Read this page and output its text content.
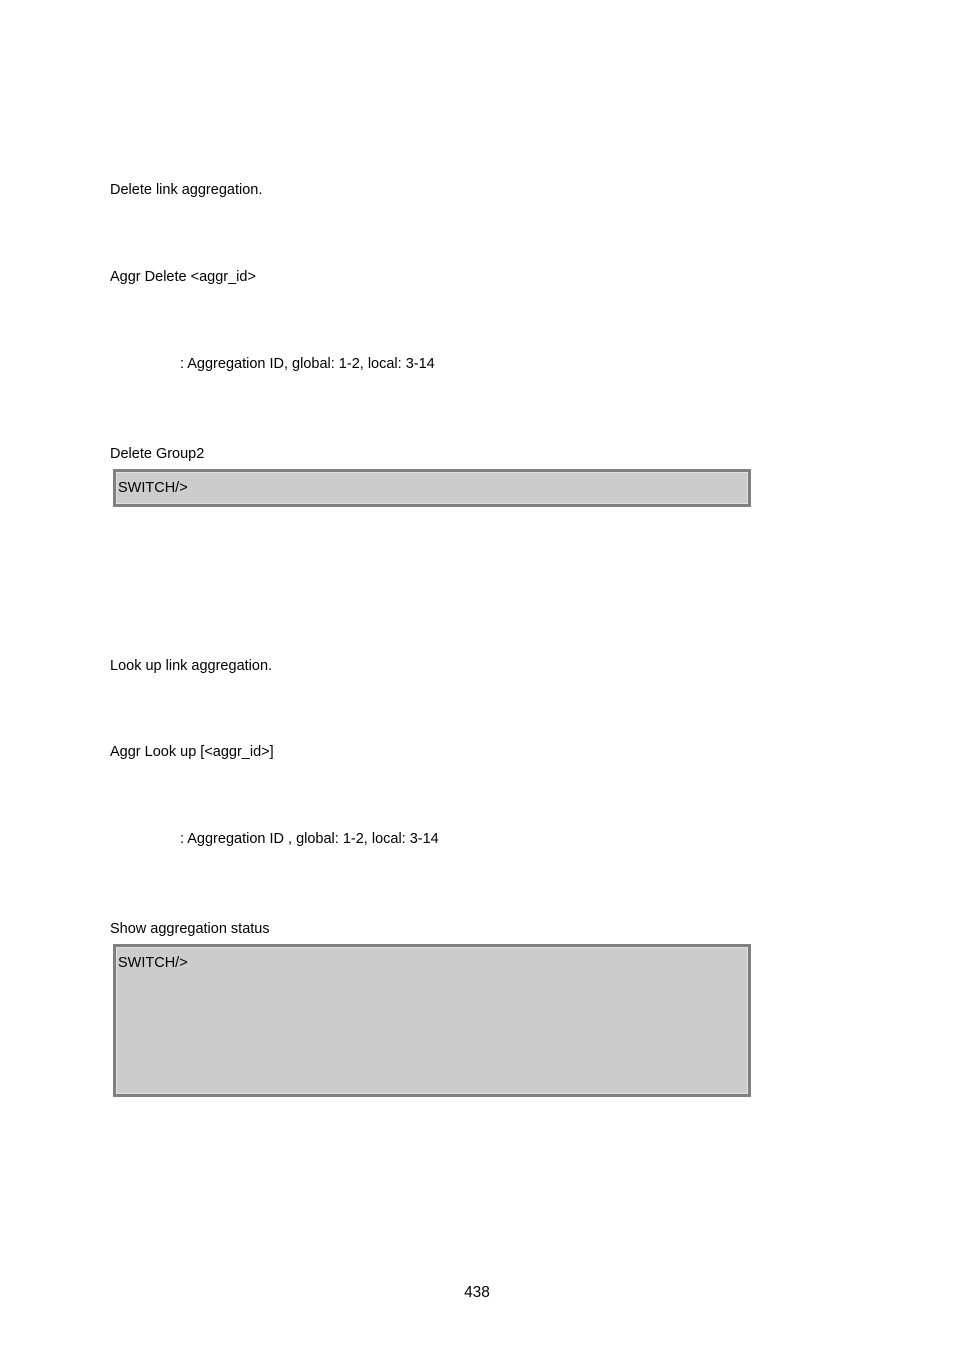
Delete link aggregation.
Aggr Delete <aggr_id>
: Aggregation ID, global: 1-2, local: 3-14
Delete Group2
SWITCH/>
Look up link aggregation.
Aggr Look up [<aggr_id>]
: Aggregation ID , global: 1-2, local: 3-14
Show aggregation status
SWITCH/>
438
